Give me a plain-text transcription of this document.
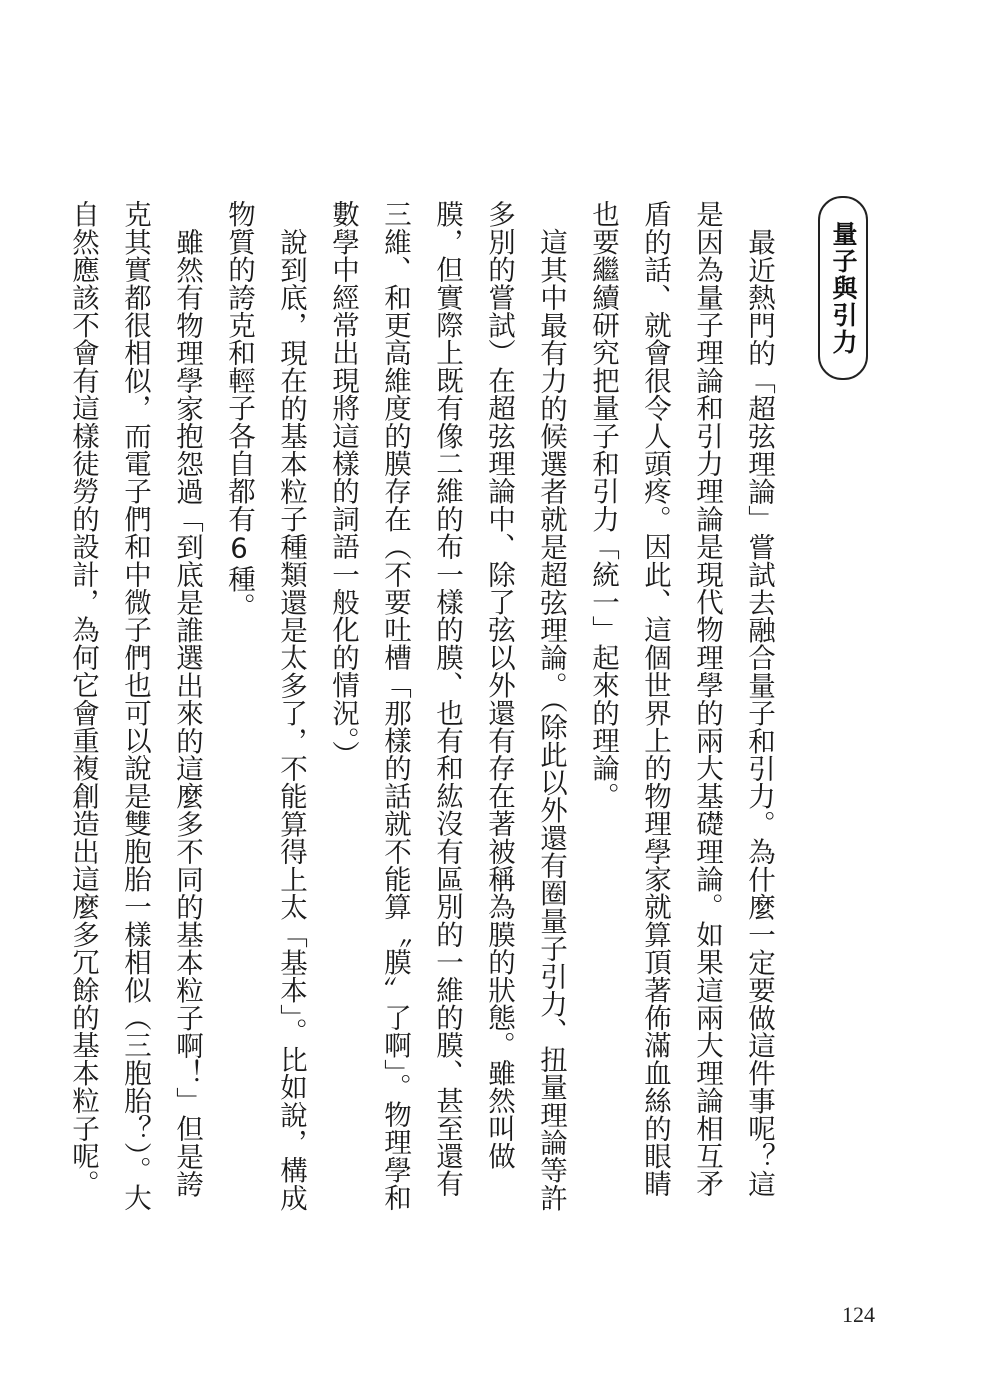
量子與引力

最近熱門的「超弦理論」嘗試去融合量子和引力。為什麼一定要做這件事呢？這是因為量子理論和引力理論是現代物理學的兩大基礎理論。如果這兩大理論相互矛盾的話、就會很令人頭疼。因此、這個世界上的物理學家就算頂著佈滿血絲的眼睛也要繼續研究把量子和引力「統一」起來的理論。

這其中最有力的候選者就是超弦理論。（除此以外還有圈量子引力、扭量理論等許多別的嘗試）在超弦理論中、除了弦以外還有存在著被稱為膜的狀態。雖然叫做膜，但實際上既有像二維的布一樣的膜、也有和紘沒有區別的一維的膜、甚至還有三維、和更高維度的膜存在（不要吐槽「那樣的話就不能算〝膜〞了啊」。物理學和數學中經常出現將這樣的詞語一般化的情況。）

說到底，現在的基本粒子種類還是太多了，不能算得上太「基本」。比如說，構成物質的誇克和輕子各自都有6種。

雖然有物理學家抱怨過「到底是誰選出來的這麼多不同的基本粒子啊！」但是誇克其實都很相似，而電子們和中微子們也可以說是雙胞胎一樣相似（三胞胎？）。大自然應該不會有這樣徒勞的設計，為何它會重複創造出這麼多冗餘的基本粒子呢。

124
